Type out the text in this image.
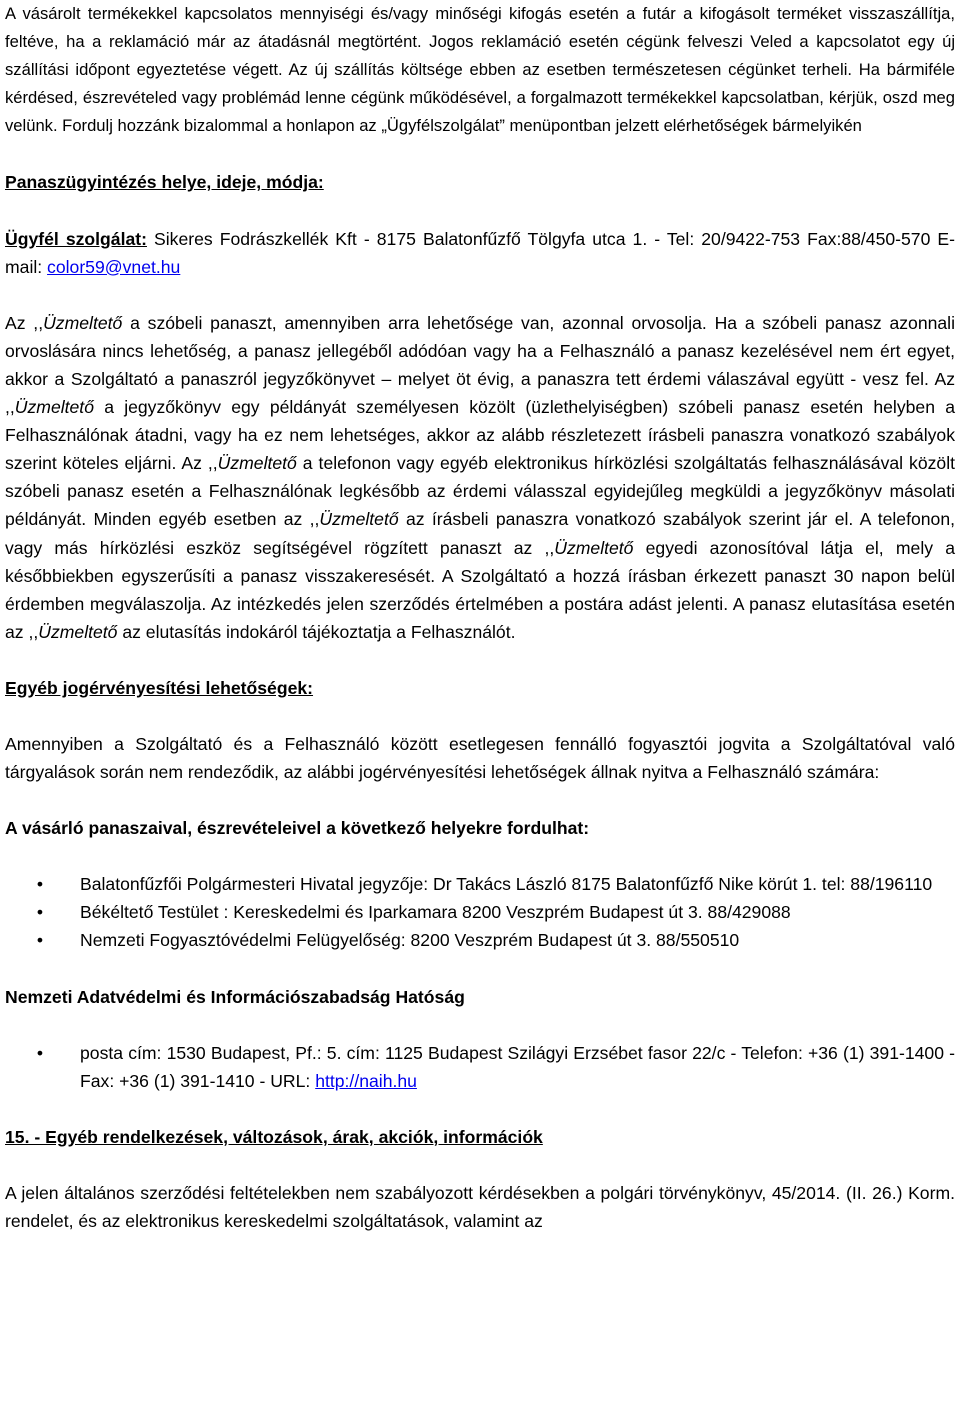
A vásárolt termékekkel kapcsolatos mennyiségi és/vagy minőségi kifogás esetén a futár a kifogásolt terméket visszaszállítja, feltéve, ha a reklamáció már az átadásnál megtörtént. Jogos reklamáció esetén cégünk felveszi Veled a kapcsolatot egy új szállítási időpont egyeztetése végett. Az új szállítás költsége ebben az esetben természetesen cégünket terheli. Ha bármiféle kérdésed, észrevételed vagy problémád lenne cégünk működésével, a forgalmazott termékekkel kapcsolatban, kérjük, oszd meg velünk. Fordulj hozzánk bizalommal a honlapon az „Ügyfélszolgálat” menüpontban jelzett elérhetőségek bármelyikén

Panaszügyintézés helye, ideje, módja:

Ügyfél szolgálat: Sikeres Fodrászkellék Kft - 8175 Balatonfűzfő Tölgyfa utca 1. - Tel: 20/9422-753 Fax:88/450-570 E-mail: color59@vnet.hu

Az ,,Üzmeltető a szóbeli panaszt, amennyiben arra lehetősége van, azonnal orvosolja. Ha a szóbeli panasz azonnali orvoslására nincs lehetőség, a panasz jellegéből adódóan vagy ha a Felhasználó a panasz kezelésével nem ért egyet, akkor a Szolgáltató a panaszról jegyzőkönyvet – melyet öt évig, a panaszra tett érdemi válaszával együtt - vesz fel. Az ,,Üzmeltető a jegyzőkönyv egy példányát személyesen közölt (üzlethelyiségben) szóbeli panasz esetén helyben a Felhasználónak átadni, vagy ha ez nem lehetséges, akkor az alább részletezett írásbeli panaszra vonatkozó szabályok szerint köteles eljárni. Az ,,Üzmeltető a telefonon vagy egyéb elektronikus hírközlési szolgáltatás felhasználásával közölt szóbeli panasz esetén a Felhasználónak legkésőbb az érdemi válasszal egyidejűleg megküldi a jegyzőkönyv másolati példányát. Minden egyéb esetben az ,,Üzmeltető az írásbeli panaszra vonatkozó szabályok szerint jár el. A telefonon, vagy más hírközlési eszköz segítségével rögzített panaszt az ,,Üzmeltető egyedi azonosítóval látja el, mely a későbbiekben egyszerűsíti a panasz visszakeresését. A Szolgáltató a hozzá írásban érkezett panaszt 30 napon belül érdemben megválaszolja. Az intézkedés jelen szerződés értelmében a postára adást jelenti. A panasz elutasítása esetén az ,,Üzmeltető az elutasítás indokáról tájékoztatja a Felhasználót.

Egyéb jogérvényesítési lehetőségek:

Amennyiben a Szolgáltató és a Felhasználó között esetlegesen fennálló fogyasztói jogvita a Szolgáltatóval való tárgyalások során nem rendeződik, az alábbi jogérvényesítési lehetőségek állnak nyitva a Felhasználó számára:

A vásárló panaszaival, észrevételeivel a következő helyekre fordulhat:

• Balatonfűzfői Polgármesteri Hivatal jegyzője: Dr Takács László 8175 Balatonfűzfő Nike körút 1. tel: 88/196110
• Békéltető Testület : Kereskedelmi és Iparkamara 8200 Veszprém Budapest út 3. 88/429088
• Nemzeti Fogyasztóvédelmi Felügyelőség: 8200 Veszprém Budapest út 3. 88/550510

Nemzeti Adatvédelmi és Információszabadság Hatóság

• posta cím: 1530 Budapest, Pf.: 5. cím: 1125 Budapest Szilágyi Erzsébet fasor 22/c - Telefon: +36 (1) 391-1400 - Fax: +36 (1) 391-1410 - URL: http://naih.hu

15. - Egyéb rendelkezések, változások, árak, akciók, információk

A jelen általános szerződési feltételekben nem szabályozott kérdésekben a polgári törvénykönyv, 45/2014. (II. 26.) Korm. rendelet, és az elektronikus kereskedelmi szolgáltatások, valamint az
